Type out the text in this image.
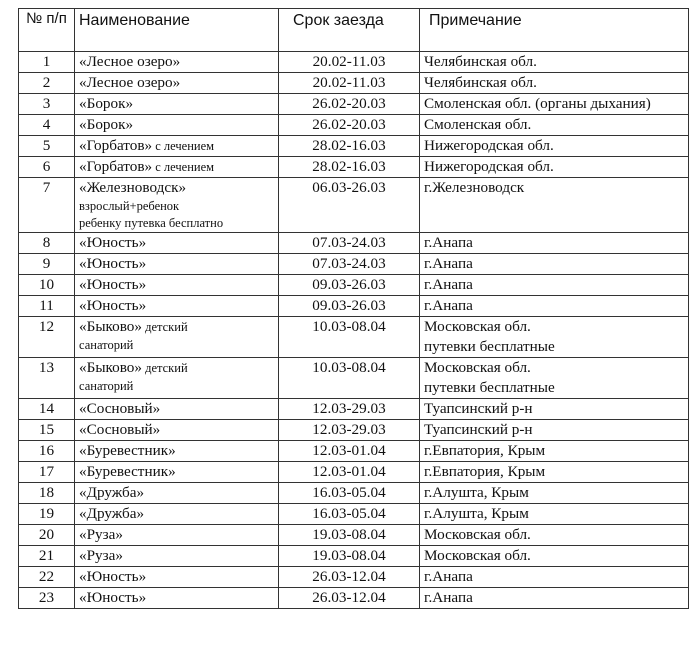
№ п/п	Наименование	Срок заезда	Примечание
1	«Лесное озеро»	20.02-11.03	Челябинская обл.

2	«Лесное озеро»	20.02-11.03	Челябинская обл.

3	«Борок»	26.02-20.03	Смоленская обл. (органы дыхания)

4	«Борок»	26.02-20.03	Смоленская обл.

5	«Горбатов» с лечением	28.02-16.03	Нижегородская обл.

6	«Горбатов» с лечением	28.02-16.03	Нижегородская обл.

7	«Железноводск»
взрослый+ребенок
ребенку путевка бесплатно	06.03-26.03	г.Железноводск

8	«Юность»	07.03-24.03	г.Анапа

9	«Юность»	07.03-24.03	г.Анапа

10	«Юность»	09.03-26.03	г.Анапа

11	«Юность»	09.03-26.03	г.Анапа

12	«Быково» детский
санаторий	10.03-08.04	Московская обл.
путевки бесплатные

13	«Быково» детский
санаторий	10.03-08.04	Московская обл.
путевки бесплатные

14	«Сосновый»	12.03-29.03	Туапсинский р-н

15	«Сосновый»	12.03-29.03	Туапсинский р-н

16	«Буревестник»	12.03-01.04	г.Евпатория, Крым

17	«Буревестник»	12.03-01.04	г.Евпатория, Крым

18	«Дружба»	16.03-05.04	г.Алушта, Крым

19	«Дружба»	16.03-05.04	г.Алушта, Крым

20	«Руза»	19.03-08.04	Московская обл.

21	«Руза»	19.03-08.04	Московская обл.

22	«Юность»	26.03-12.04	г.Анапа

23	«Юность»	26.03-12.04	г.Анапа
